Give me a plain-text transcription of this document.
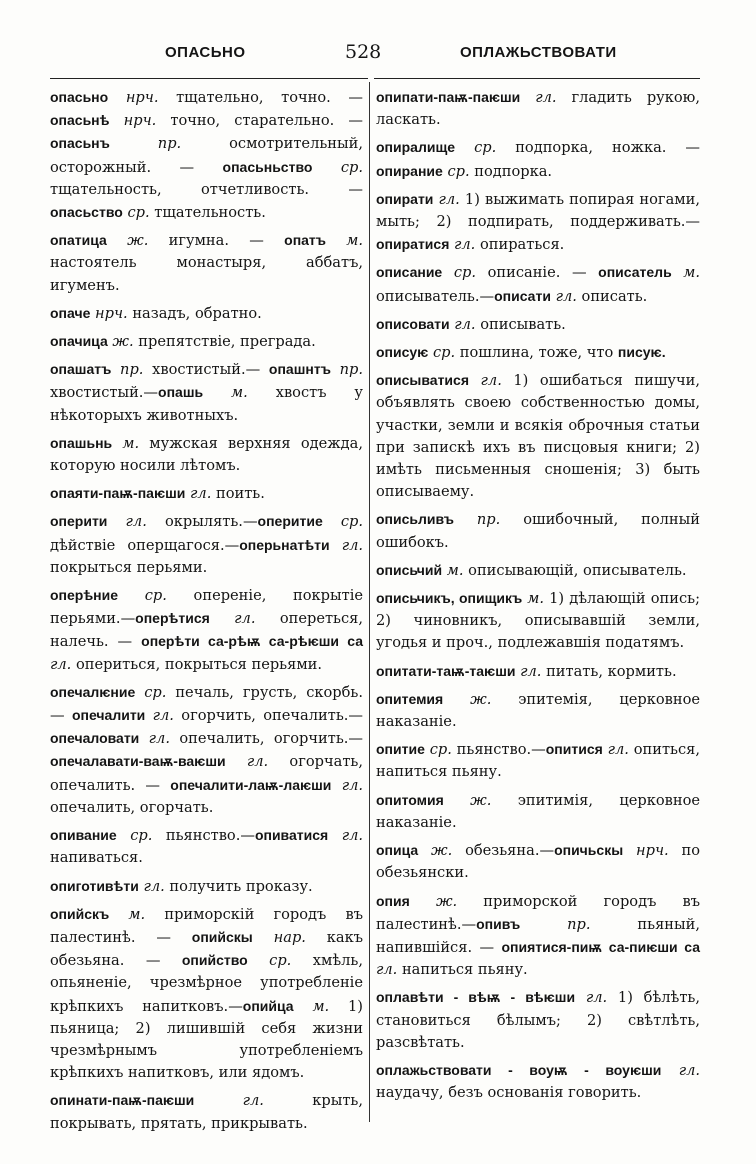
ОПАСЬНО	528	ОПЛАЖЬСТВОВАТИ

опасьно нрч. тщательно, точно. — опасьнѣ нрч. точно, старательно. — опасьнъ	пр. осмотрительный, осторожный. — опасьньство ср. тщательность, отчетливость. — опасьство ср. тщательность.

опатица ж. игумна. — опатъ м. настоятель монастыря, аббатъ, игуменъ.

опаче нрч. назадъ, обратно.

опачица ж. препятствіе, преграда.

опашатъ пр. хвостистый.— опашнтъ пр. хвостистый.—опашь м. хвостъ у нѣкоторыхъ животныхъ.

опашьнь м. мужская верхняя одежда, которую носили лѣтомъ.

опаяти-паѭ-паѥши гл. поить.

оперити гл. окрылять.—оперитие ср. дѣйствіе оперщагося.—оперьнатѣти гл. покрыться перьями.

оперѣние ср. опереніе, покрытіе перьями.—оперѣтися гл. опереться, налечь. — оперѣти са-рѣѭ са-рѣѥши са гл. опериться, покрыться перьями.

опечалѥние ср. печаль, грусть, скорбь. — опечалити гл. огорчить, опечалить.—опечаловати гл. опечалить, огорчить.—опечалавати-ваѭ-ваѥши гл. огорчать, опечалить. — опечалити-лаѭ-лаѥши гл. опечалить, огорчать.

опивание ср. пьянство.—опиватися гл. напиваться.

опиготивѣти гл. получить проказу.

опийскъ м. приморскій городъ въ палестинѣ. — опийскы нар. какъ обезьяна. — опийство ср. хмѣль, опьяненіе, чрезмѣрное употребленіе крѣпкихъ напитковъ.—опийца м. 1) пьяница; 2) лишившій себя жизни чрезмѣрнымъ употребленіемъ крѣпкихъ напитковъ, или ядомъ.

опинати-паѭ-паѥши	гл. крыть, покрывать, прятать, прикрывать.

опипати-паѭ-паѥши гл. гладить рукою, ласкать.

опиралище ср. подпорка, ножка. — опирание ср. подпорка.

опирати гл. 1) выжимать попирая ногами, мыть; 2) подпирать, поддерживать.—опиратися гл. опираться.

описание ср. описаніе. — описатель м. описыватель.—описати гл. описать.

описовати гл. описывать.

описуѥ ср. пошлина, тоже, что писуѥ.

описыватися гл. 1) ошибаться пишучи, объявлять своею собственностью домы, участки, земли и всякія оброчныя статьи при запискѣ ихъ въ писцовыя книги; 2) имѣть письменныя сношенія; 3) быть описываему.

описьливъ пр. ошибочный, полный ошибокъ.

описьчий м. описывающій, описыватель.

описьчикъ, опищикъ м. 1) дѣлающій опись; 2) чиновникъ, описывавшій земли, угодья и проч., подлежавшія податямъ.

опитати-таѭ-таѥши гл. питать, кормить.

опитемия ж. эпитемія, церковное наказаніе.

опитие ср. пьянство.—опитися гл. опиться, напиться пьяну.

опитомия ж. эпитимія, церковное наказаніе.

опица ж. обезьяна.—опичьскы нрч. по обезьянски.

опия ж. приморской городъ въ палестинѣ.—опивъ	пр. пьяный, напившійся. — опиятися-пиѭ са-пиѥши са гл. напиться пьяну.

оплавѣти - вѣѭ - вѣѥши гл. 1) бѣлѣть, становиться бѣлымъ; 2) свѣтлѣть, разсвѣтать.

оплажьствовати - воуѭ - воуѥши гл. наудачу, безъ основанія говорить.
